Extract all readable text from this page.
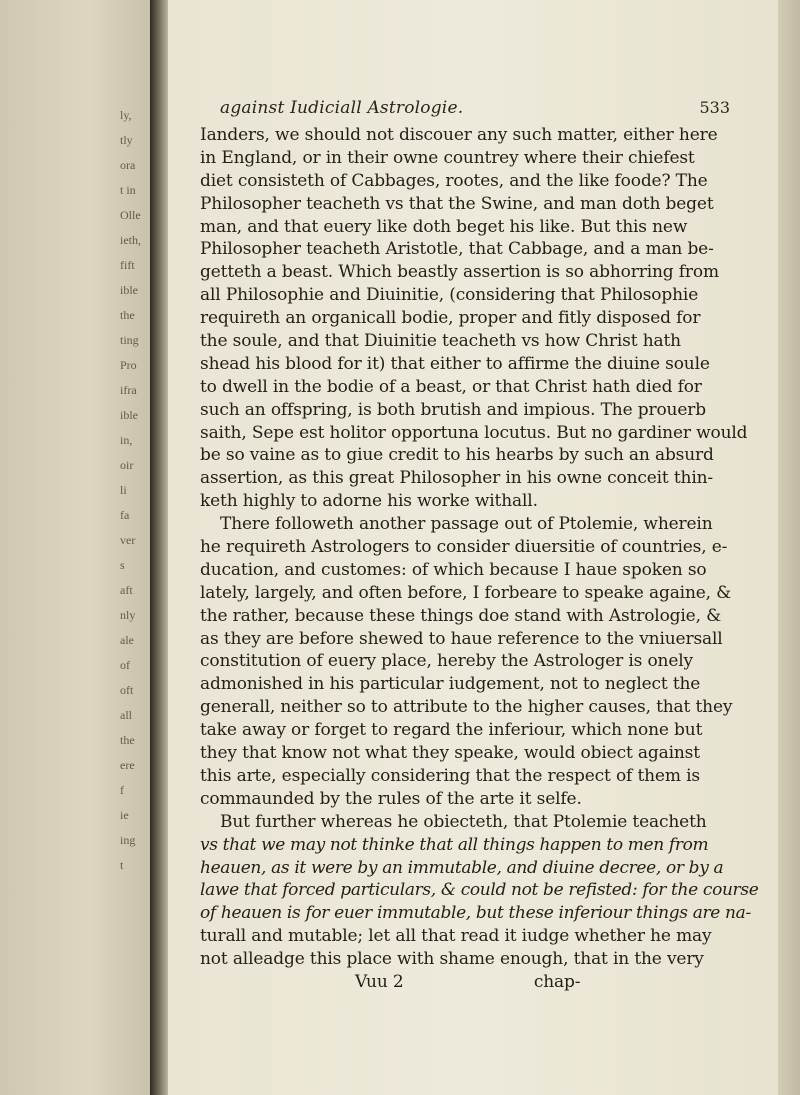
ly,
tly
ora
t in
Olle
ieth,
fift
ible
the
ting
Pro
ifra
ible
in,
oir
li
fa
ver
s
aft
nly
ale
of
oft
all
the
ere
f
ie
ing
t
against Iudiciall Astrologie.	533
Ianders, we should not discouer any such matter, either here
in England, or in their owne countrey where their chiefest
diet consisteth of Cabbages, rootes, and the like foode? The
Philosopher teacheth vs that the Swine, and man doth beget
man, and that euery like doth beget his like. But this new
Philosopher teacheth Aristotle, that Cabbage, and a man be-
getteth a beast. Which beastly assertion is so abhorring from
all Philosophie and Diuinitie, (considering that Philosophie
requireth an organicall bodie, proper and fitly disposed for
the soule, and that Diuinitie teacheth vs how Christ hath
shead his blood for it) that either to affirme the diuine soule
to dwell in the bodie of a beast, or that Christ hath died for
such an offspring, is both brutish and impious. The prouerb
saith, Sepe est holitor opportuna locutus. But no gardiner would
be so vaine as to giue credit to his hearbs by such an absurd
assertion, as this great Philosopher in his owne conceit thin-
keth highly to adorne his worke withall.
There followeth another passage out of Ptolemie, wherein
he requireth Astrologers to consider diuersitie of countries, e-
ducation, and customes: of which because I haue spoken so
lately, largely, and often before, I forbeare to speake againe, &
the rather, because these things doe stand with Astrologie, &
as they are before shewed to haue reference to the vniuersall
constitution of euery place, hereby the Astrologer is onely
admonished in his particular iudgement, not to neglect the
generall, neither so to attribute to the higher causes, that they
take away or forget to regard the inferiour, which none but
they that know not what they speake, would obiect against
this arte, especially considering that the respect of them is
commaunded by the rules of the arte it selfe.
But further whereas he obiecteth, that Ptolemie teacheth
vs that we may not thinke that all things happen to men from
heauen, as it were by an immutable, and diuine decree, or by a
lawe that forced particulars, & could not be refisted: for the course
of heauen is for euer immutable, but these inferiour things are na-
turall and mutable; let all that read it iudge whether he may
not alleadge this place with shame enough, that in the very
Vuu 2	chap-
